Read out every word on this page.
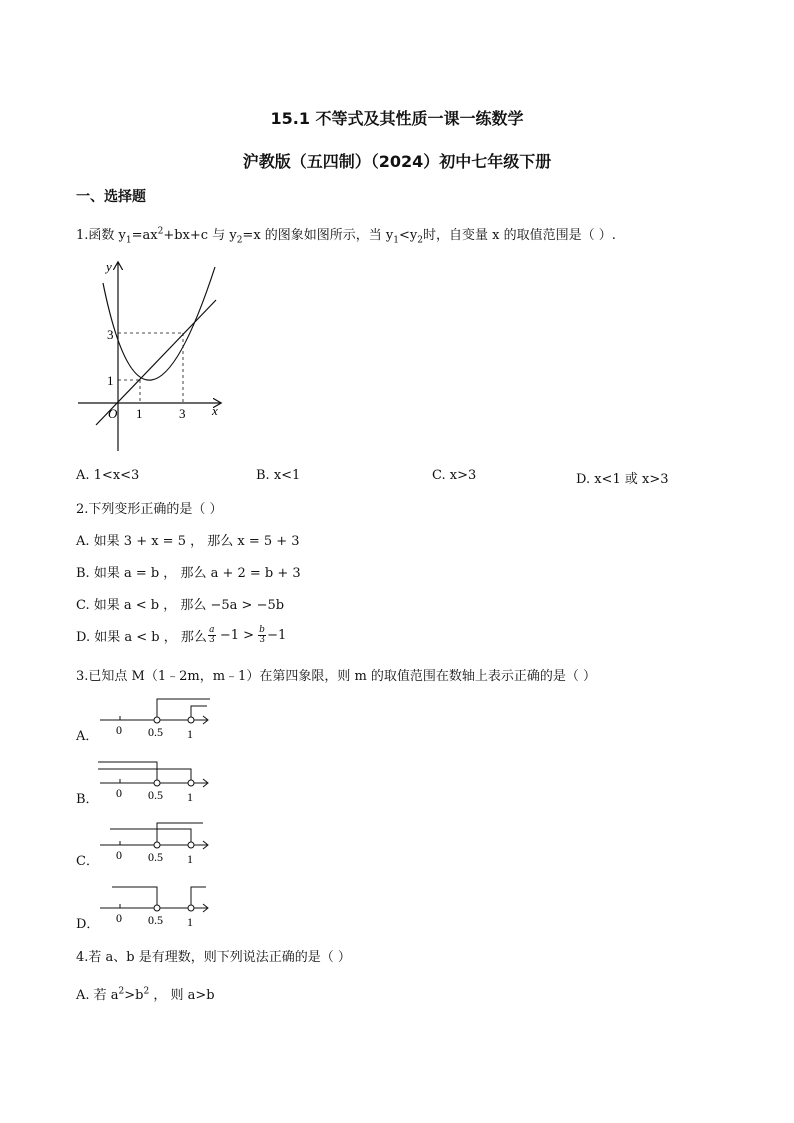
15.1 不等式及其性质一课一练数学
沪教版（五四制）（2024）初中七年级下册
一、选择题
1.函数 $y_1=ax^2+bx+c$ 与 $y_2=x$ 的图象如图所示，当 $y_1<y_2$时，自变量 x 的取值范围是（ ）.
y
x
O 1	3
1
3
A. 1<x<3	B. x<1	C. x>3	D. x<1 或 x>3
2.下列变形正确的是（ ）
A. 如果 3 + x = 5 ， 那么 x = 5 + 3
B. 如果 a = b ， 那么 a + 2 = b + 3
C. 如果 a < b ， 那么 −5a > −5b
D. 如果 a < b ， 那么 a
3 −1 > b
3 −1
3.已知点 M（1﹣2m，m﹣1）在第四象限，则 m 的取值范围在数轴上表示正确的是（ ）
A． 0 0.5 1
B． 0 0.5 1
C． 0 0.5 1
D． 0 0.5 1
4.若 a、b 是有理数，则下列说法正确的是（ ）
A. 若 $a^2>b^2$ ， 则 a>b
